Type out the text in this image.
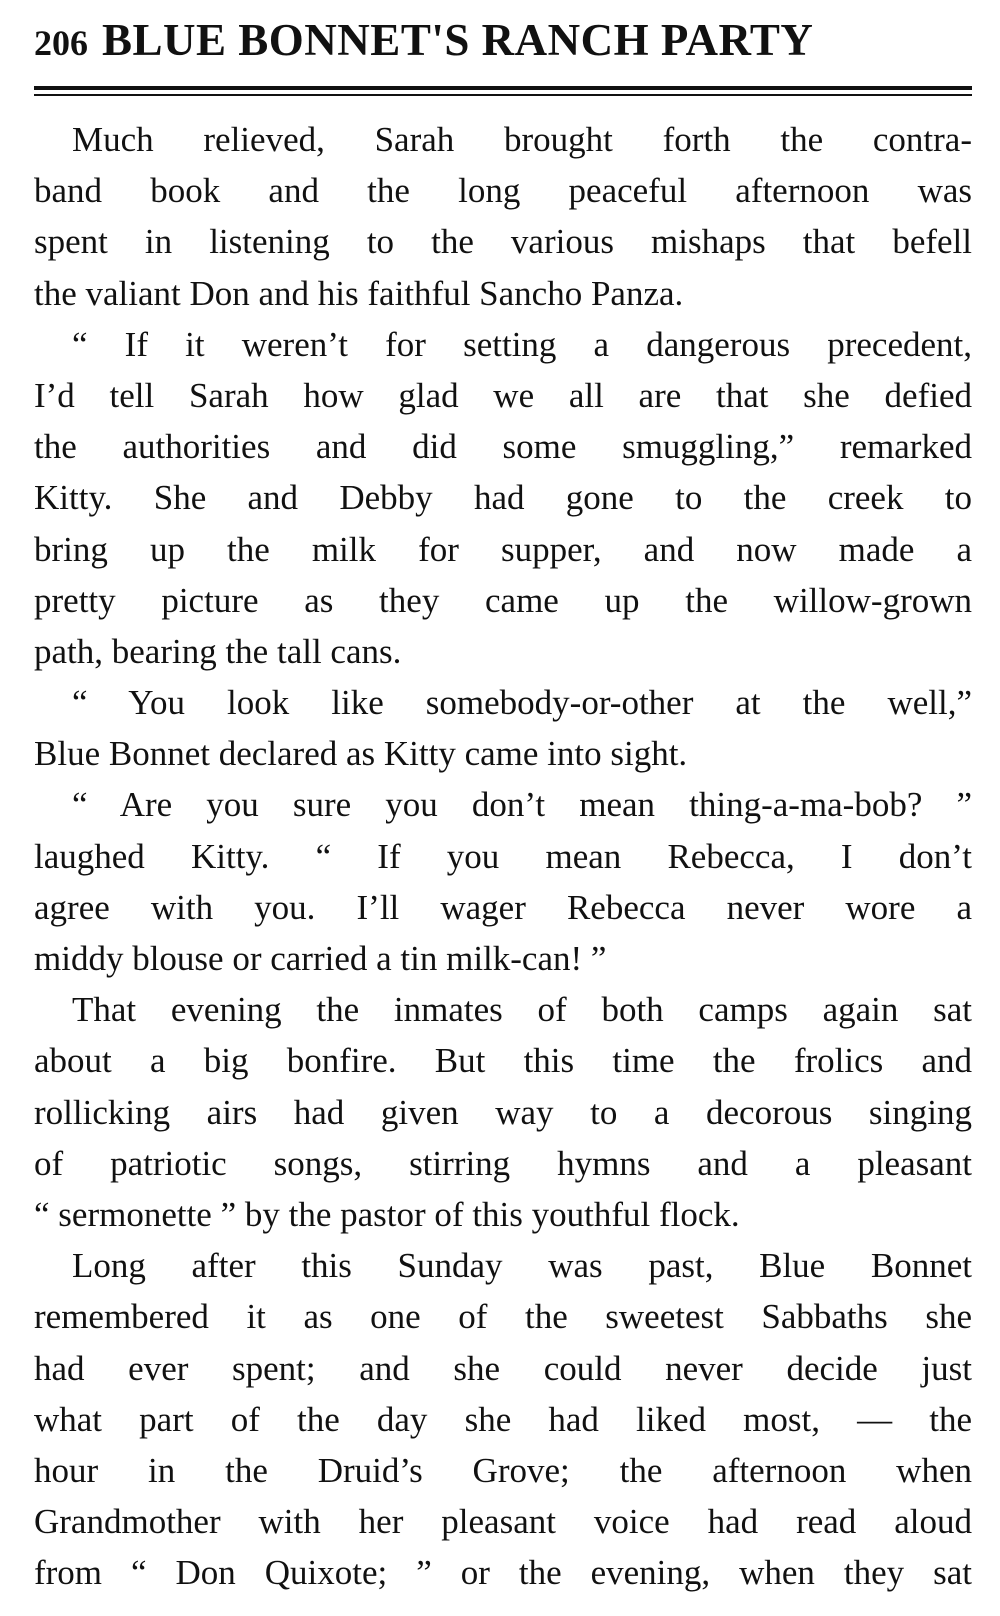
206 BLUE BONNET'S RANCH PARTY
Much relieved, Sarah brought forth the contra-
band book and the long peaceful afternoon was
spent in listening to the various mishaps that befell
the valiant Don and his faithful Sancho Panza.
“ If it weren’t for setting a dangerous precedent,
I’d tell Sarah how glad we all are that she defied
the authorities and did some smuggling,” remarked
Kitty. She and Debby had gone to the creek to
bring up the milk for supper, and now made a
pretty picture as they came up the willow-grown
path, bearing the tall cans.
“ You look like somebody-or-other at the well,”
Blue Bonnet declared as Kitty came into sight.
“ Are you sure you don’t mean thing-a-ma-bob? ”
laughed Kitty. “ If you mean Rebecca, I don’t
agree with you. I’ll wager Rebecca never wore a
middy blouse or carried a tin milk-can! ”
That evening the inmates of both camps again sat
about a big bonfire. But this time the frolics and
rollicking airs had given way to a decorous singing
of patriotic songs, stirring hymns and a pleasant
“ sermonette ” by the pastor of this youthful flock.
Long after this Sunday was past, Blue Bonnet
remembered it as one of the sweetest Sabbaths she
had ever spent; and she could never decide just
what part of the day she had liked most, — the
hour in the Druid’s Grove; the afternoon when
Grandmother with her pleasant voice had read aloud
from “ Don Quixote; ” or the evening, when they sat
